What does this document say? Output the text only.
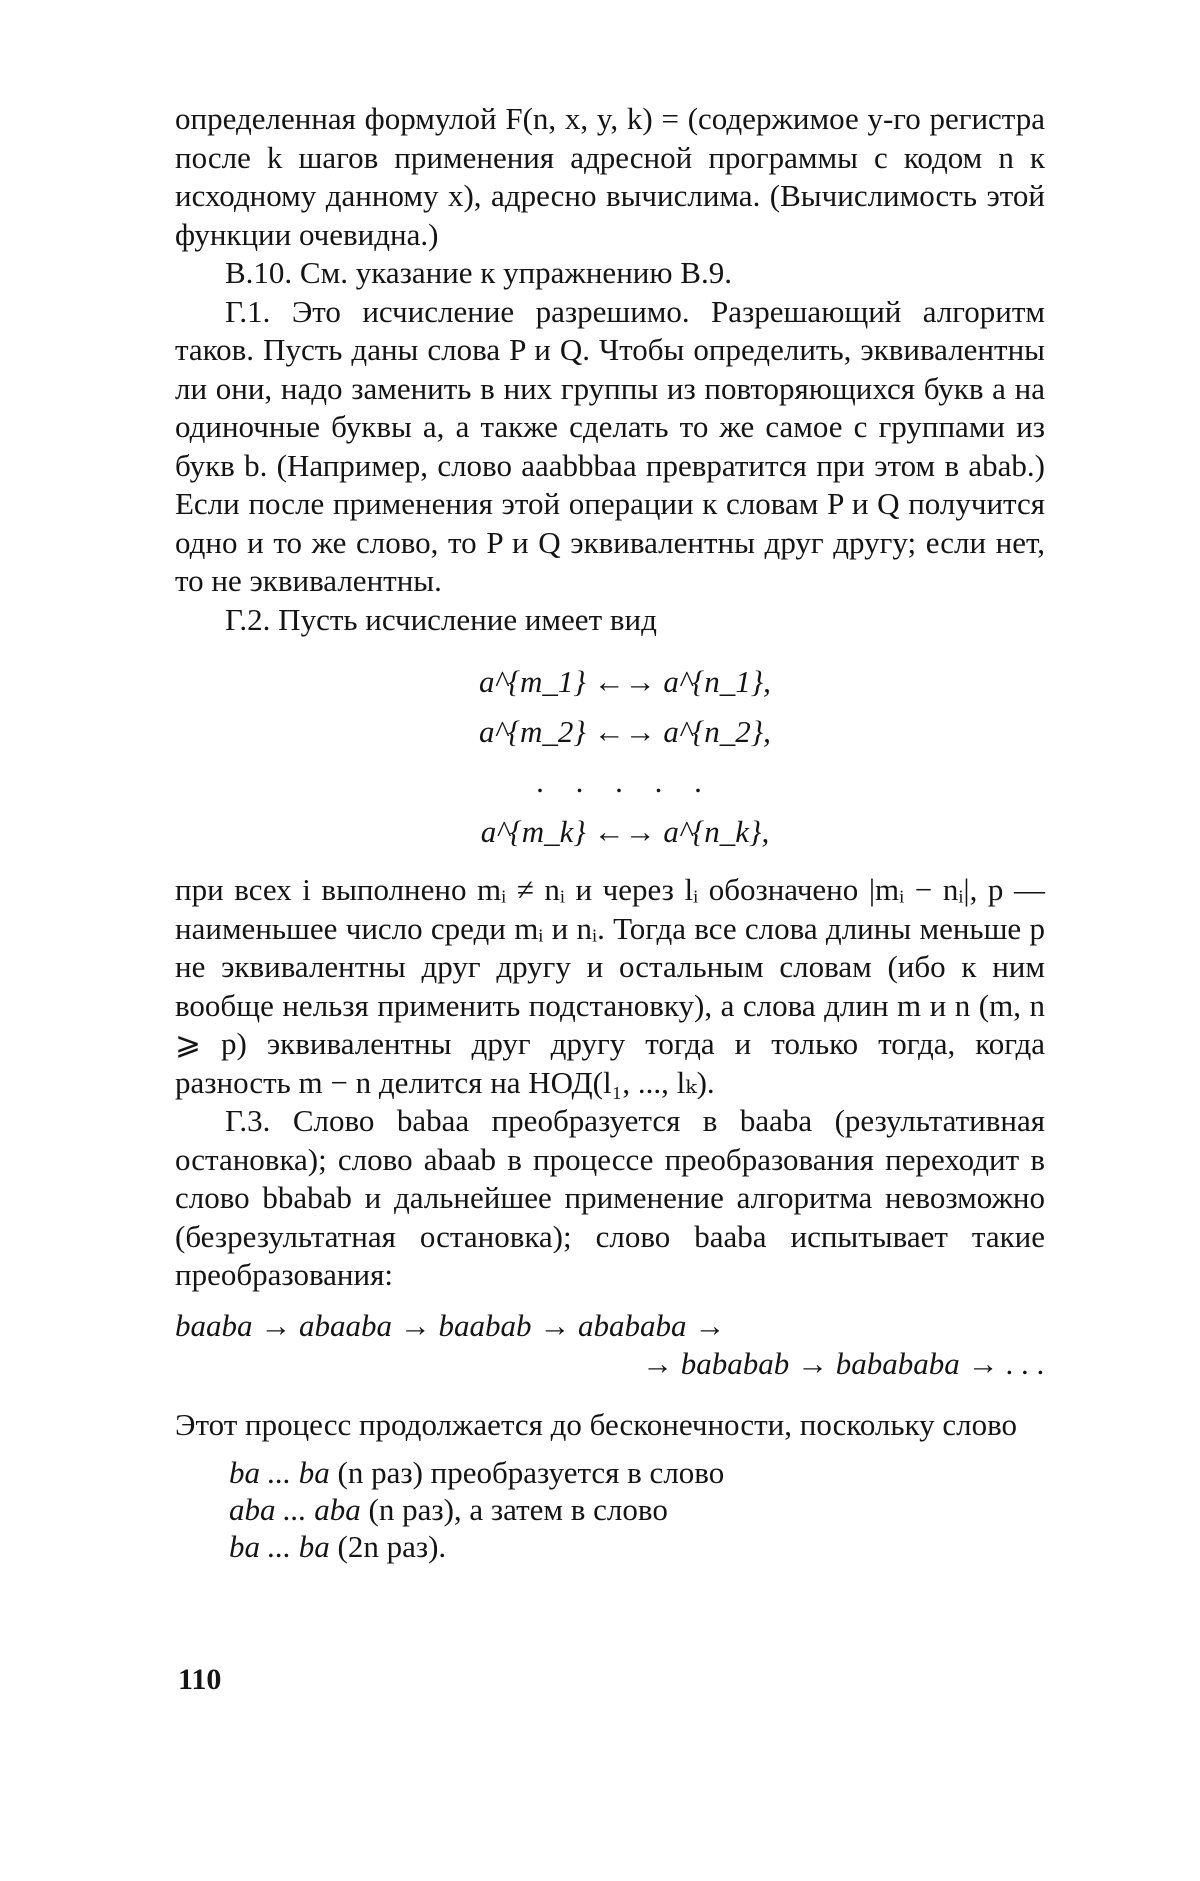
определенная формулой F(n, x, y, k) = (содержимое y-го регистра после k шагов применения адресной программы с кодом n к исходному данному x), адресно вычислима. (Вычислимость этой функции очевидна.)

В.10. См. указание к упражнению В.9.

Г.1. Это исчисление разрешимо. Разрешающий алгоритм таков. Пусть даны слова P и Q. Чтобы определить, эквивалентны ли они, надо заменить в них группы из повторяющихся букв a на одиночные буквы a, а также сделать то же самое с группами из букв b. (Например, слово aaabbbaa превратится при этом в abab.) Если после применения этой операции к словам P и Q получится одно и то же слово, то P и Q эквивалентны друг другу; если нет, то не эквивалентны.

Г.2. Пусть исчисление имеет вид

a^{m_1} ←→ a^{n_1},
a^{m_2} ←→ a^{n_2},
. . . . .
a^{m_k} ←→ a^{n_k},

при всех i выполнено mᵢ ≠ nᵢ и через lᵢ обозначено |mᵢ − nᵢ|, p — наименьшее число среди mᵢ и nᵢ. Тогда все слова длины меньше p не эквивалентны друг другу и остальным словам (ибо к ним вообще нельзя применить подстановку), а слова длин m и n (m, n ⩾ p) эквивалентны друг другу тогда и только тогда, когда разность m − n делится на НОД(l₁, ..., lₖ).

Г.3. Слово babaa преобразуется в baaba (результативная остановка); слово abaab в процессе преобразования переходит в слово bbabab и дальнейшее применение алгоритма невозможно (безрезультатная остановка); слово baaba испытывает такие преобразования:

baaba → abaaba → baabab → abababa →
→ bababab → babababa → . . .

Этот процесс продолжается до бесконечности, поскольку слово

ba ... ba (n раз) преобразуется в слово
aba ... aba (n раз), а затем в слово
ba ... ba (2n раз).
110
